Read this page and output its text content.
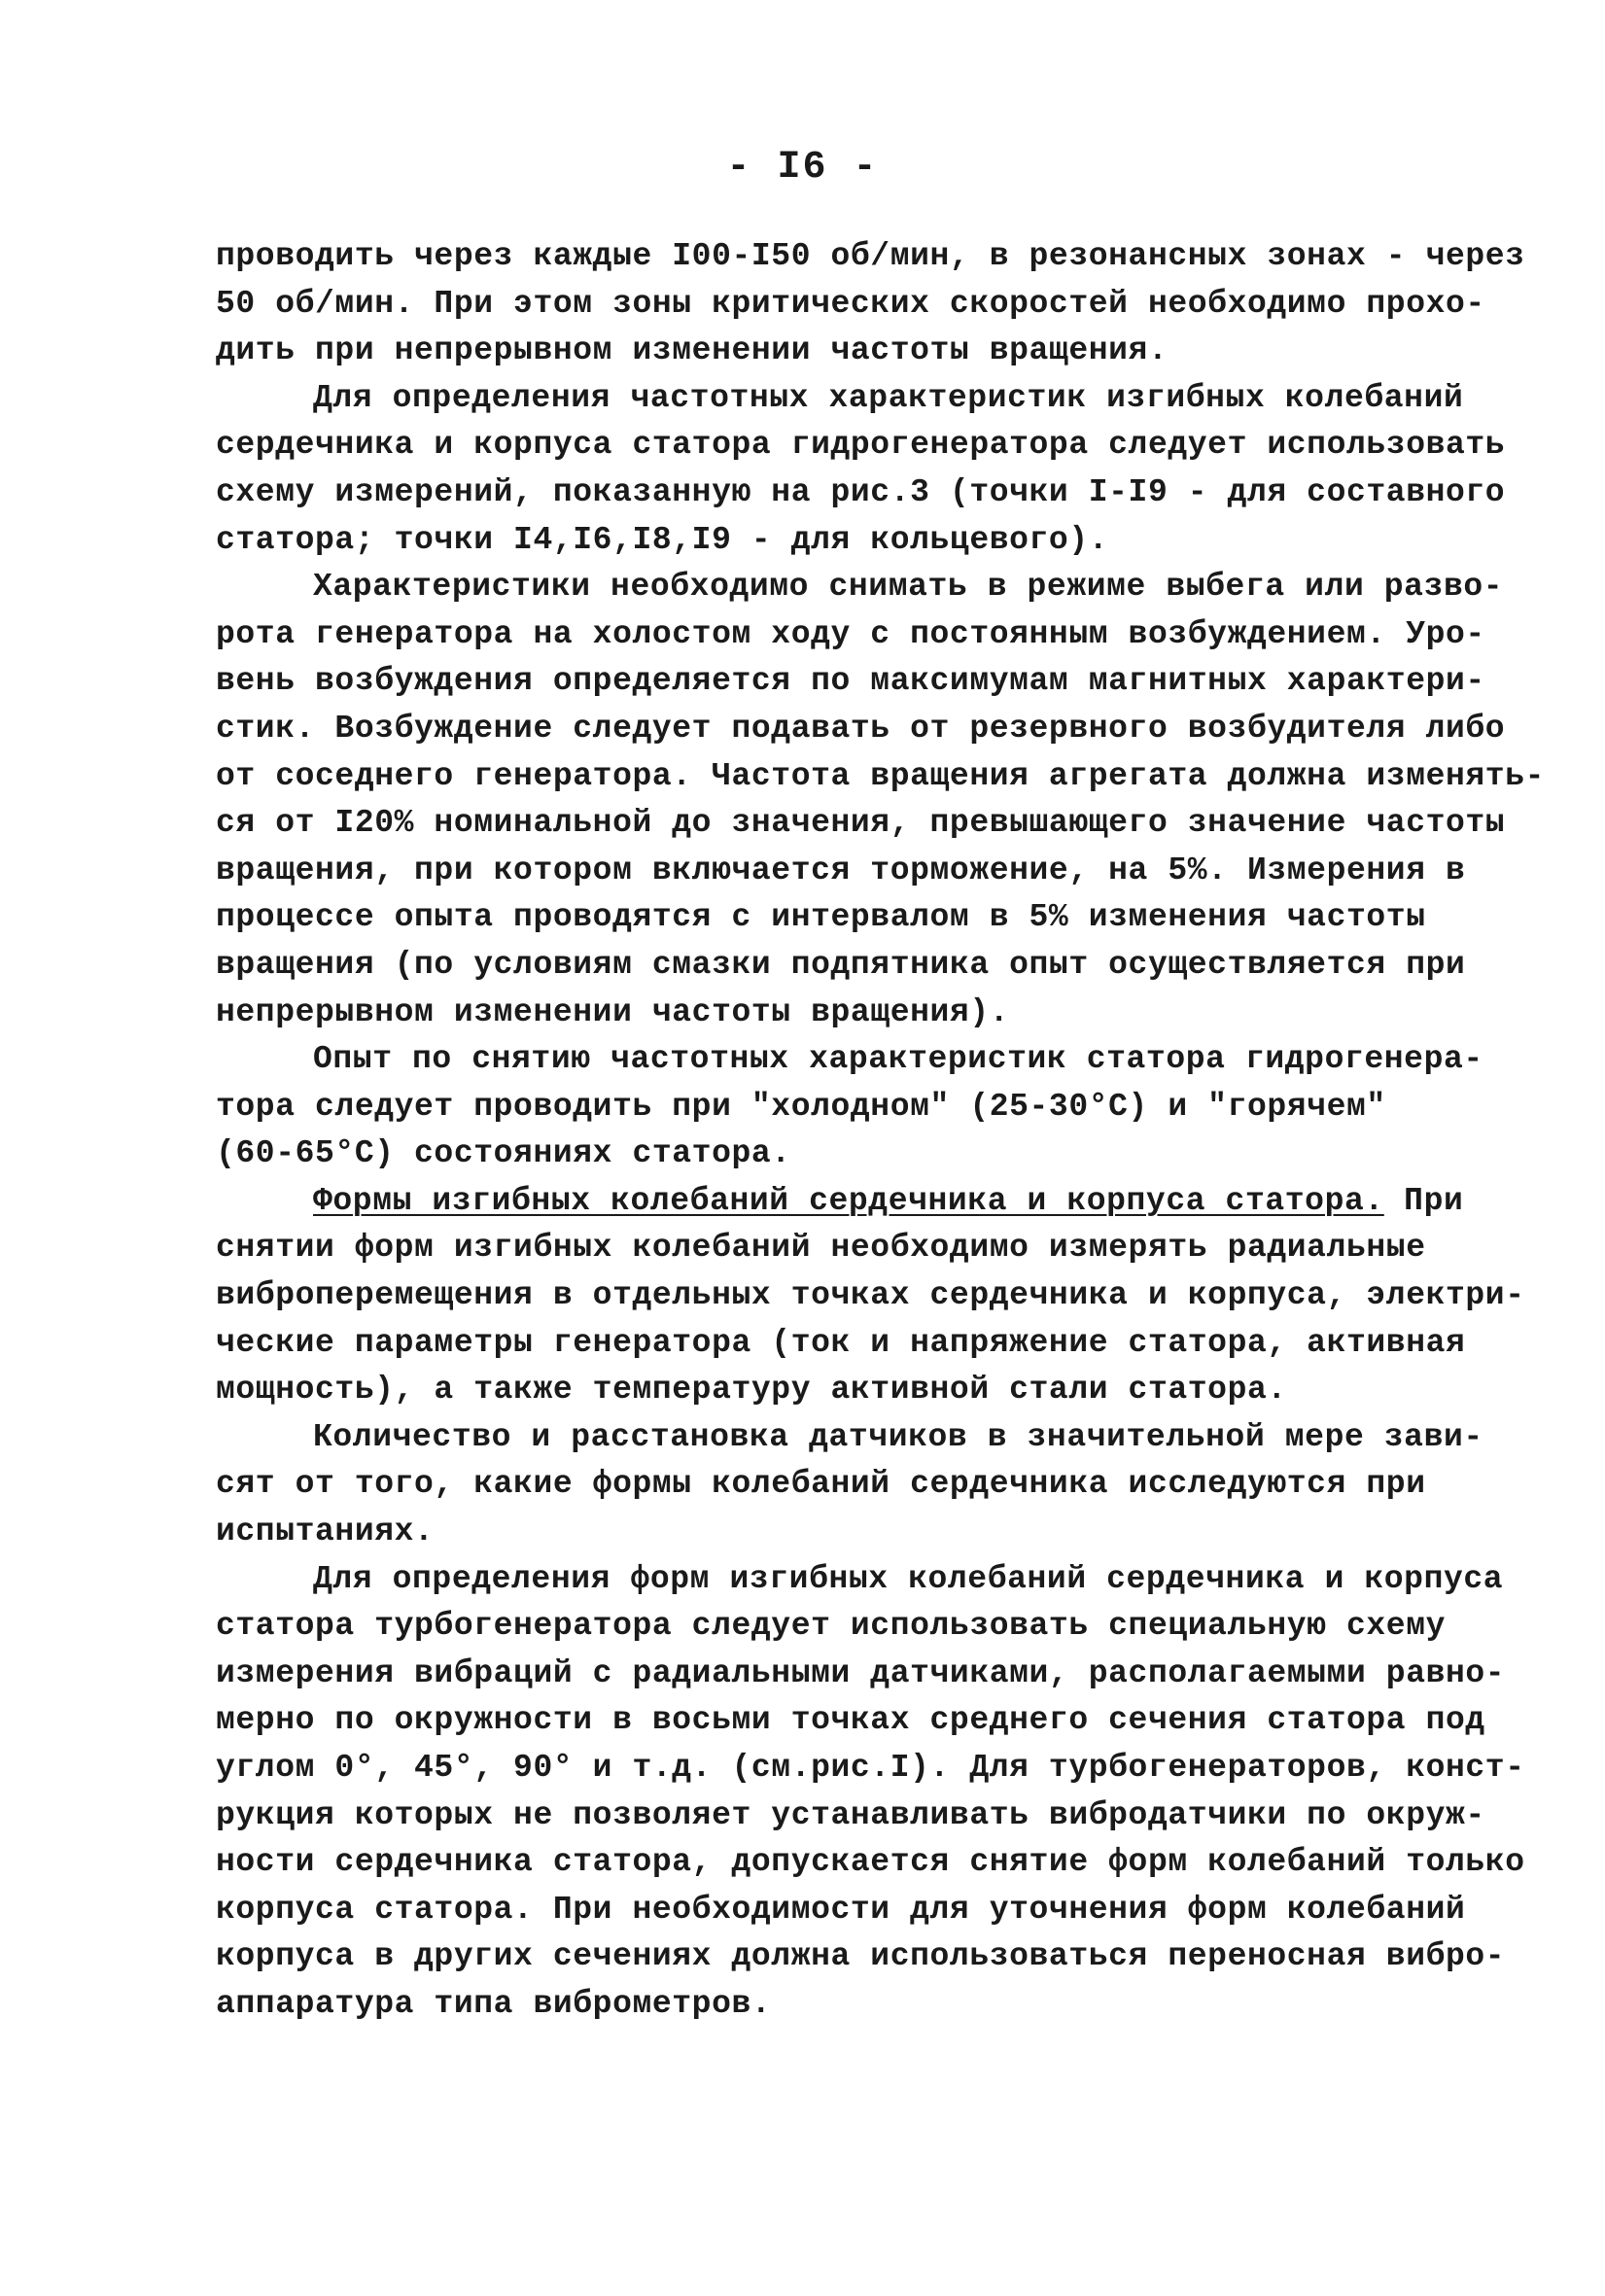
- I6 -
проводить через каждые I00-I50 об/мин, в резонансных зонах - через
50 об/мин. При этом зоны критических скоростей необходимо прохо-
дить при непрерывном изменении частоты вращения.
Для определения частотных характеристик изгибных колебаний
сердечника и корпуса статора гидрогенератора следует использовать
схему измерений, показанную на рис.3 (точки I-I9 - для составного
статора; точки I4,I6,I8,I9 - для кольцевого).
Характеристики необходимо снимать в режиме выбега или разво-
рота генератора на холостом ходу с постоянным возбуждением. Уро-
вень возбуждения определяется по максимумам магнитных характери-
стик. Возбуждение следует подавать от резервного возбудителя либо
от соседнего генератора. Частота вращения агрегата должна изменять-
ся от I20% номинальной до значения, превышающего значение частоты
вращения, при котором включается торможение, на 5%. Измерения в
процессе опыта проводятся с интервалом в 5% изменения частоты
вращения (по условиям смазки подпятника опыт осуществляется при
непрерывном изменении частоты вращения).
Опыт по снятию частотных характеристик статора гидрогенера-
тора следует проводить при "холодном" (25-30°С) и "горячем"
(60-65°С) состояниях статора.
Формы изгибных колебаний сердечника и корпуса статора. При
снятии форм изгибных колебаний необходимо измерять радиальные
виброперемещения в отдельных точках сердечника и корпуса, электри-
ческие параметры генератора (ток и напряжение статора, активная
мощность), а также температуру активной стали статора.
Количество и расстановка датчиков в значительной мере зави-
сят от того, какие формы колебаний сердечника исследуются при
испытаниях.
Для определения форм изгибных колебаний сердечника и корпуса
статора турбогенератора следует использовать специальную схему
измерения вибраций с радиальными датчиками, располагаемыми равно-
мерно по окружности в восьми точках среднего сечения статора под
углом 0°, 45°, 90° и т.д. (см.рис.I). Для турбогенераторов, конст-
рукция которых не позволяет устанавливать вибродатчики по окруж-
ности сердечника статора, допускается снятие форм колебаний только
корпуса статора. При необходимости для уточнения форм колебаний
корпуса в других сечениях должна использоваться переносная вибро-
аппаратура типа виброметров.
